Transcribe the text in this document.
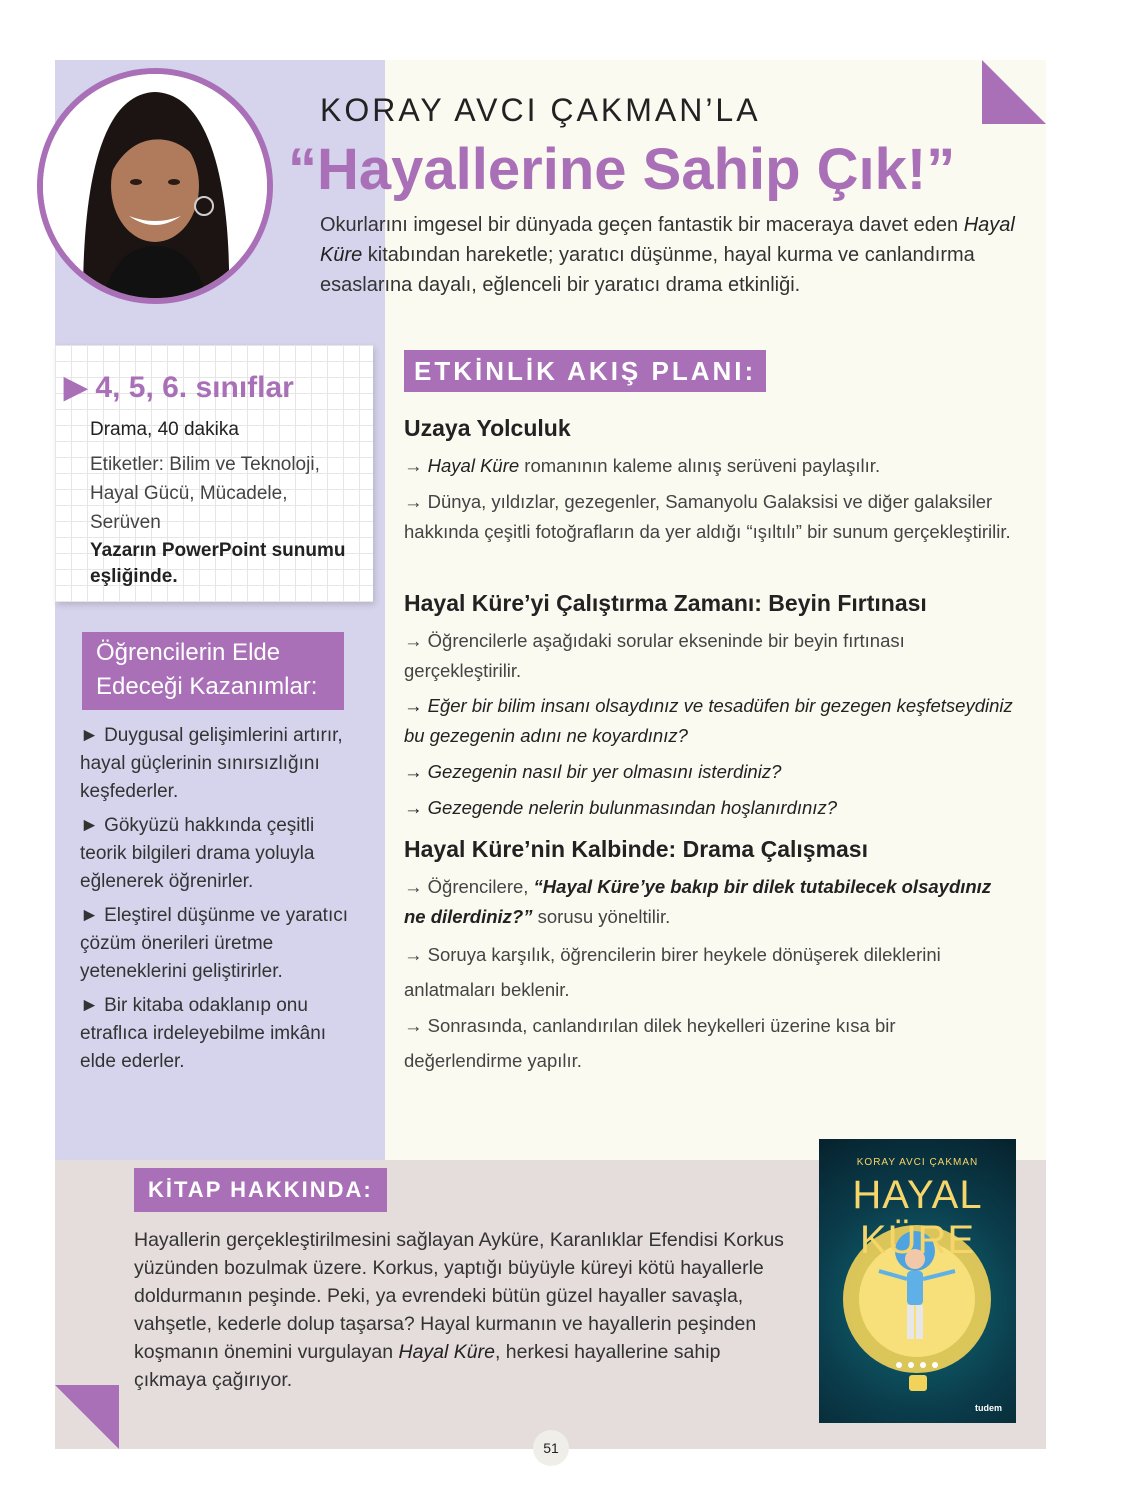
KORAY AVCI ÇAKMAN’LA
“Hayallerine Sahip Çık!”
Okurlarını imgesel bir dünyada geçen fantastik bir maceraya davet eden Hayal Küre kitabından hareketle; yaratıcı düşünme, hayal kurma ve canlandırma esaslarına dayalı, eğlenceli bir yaratıcı drama etkinliği.
▶ 4, 5, 6. sınıflar
Drama, 40 dakika
Etiketler: Bilim ve Teknoloji, Hayal Gücü, Mücadele, Serüven
Yazarın PowerPoint sunumu eşliğinde.
Öğrencilerin Elde
Edeceği Kazanımlar:
► Duygusal gelişimlerini artırır, hayal güçlerinin sınırsızlığını keşfederler.
► Gökyüzü hakkında çeşitli teorik bilgileri drama yoluyla eğlenerek öğrenirler.
► Eleştirel düşünme ve yaratıcı çözüm önerileri üretme yeteneklerini geliştirirler.
► Bir kitaba odaklanıp onu etraflıca irdeleyebilme imkânı elde ederler.
ETKİNLİK AKIŞ PLANI:
Uzaya Yolculuk
→ Hayal Küre romanının kaleme alınış serüveni paylaşılır.
→ Dünya, yıldızlar, gezegenler, Samanyolu Galaksisi ve diğer galaksiler hakkında çeşitli fotoğrafların da yer aldığı “ışıltılı” bir sunum gerçekleştirilir.
Hayal Küre’yi Çalıştırma Zamanı: Beyin Fırtınası
→ Öğrencilerle aşağıdaki sorular ekseninde bir beyin fırtınası gerçekleştirilir.
→ Eğer bir bilim insanı olsaydınız ve tesadüfen bir gezegen keşfetseydiniz bu gezegenin adını ne koyardınız?
→ Gezegenin nasıl bir yer olmasını isterdiniz?
→ Gezegende nelerin bulunmasından hoşlanırdınız?
Hayal Küre’nin Kalbinde: Drama Çalışması
→ Öğrencilere, “Hayal Küre’ye bakıp bir dilek tutabilecek olsaydınız ne dilerdiniz?” sorusu yöneltilir.
→ Soruya karşılık, öğrencilerin birer heykele dönüşerek dileklerini anlatmaları beklenir.
→ Sonrasında, canlandırılan dilek heykelleri üzerine kısa bir değerlendirme yapılır.
KİTAP HAKKINDA:
Hayallerin gerçekleştirilmesini sağlayan Ayküre, Karanlıklar Efendisi Korkus yüzünden bozulmak üzere. Korkus, yaptığı büyüyle küreyi kötü hayallerle doldurmanın peşinde. Peki, ya evrendeki bütün güzel hayaller savaşla, vahşetle, kederle dolup taşarsa? Hayal kurmanın ve hayallerin peşinden koşmanın önemini vurgulayan Hayal Küre, herkesi hayallerine sahip çıkmaya çağırıyor.
KORAY AVCI ÇAKMAN
HAYAL KÜRE
tudem
51
